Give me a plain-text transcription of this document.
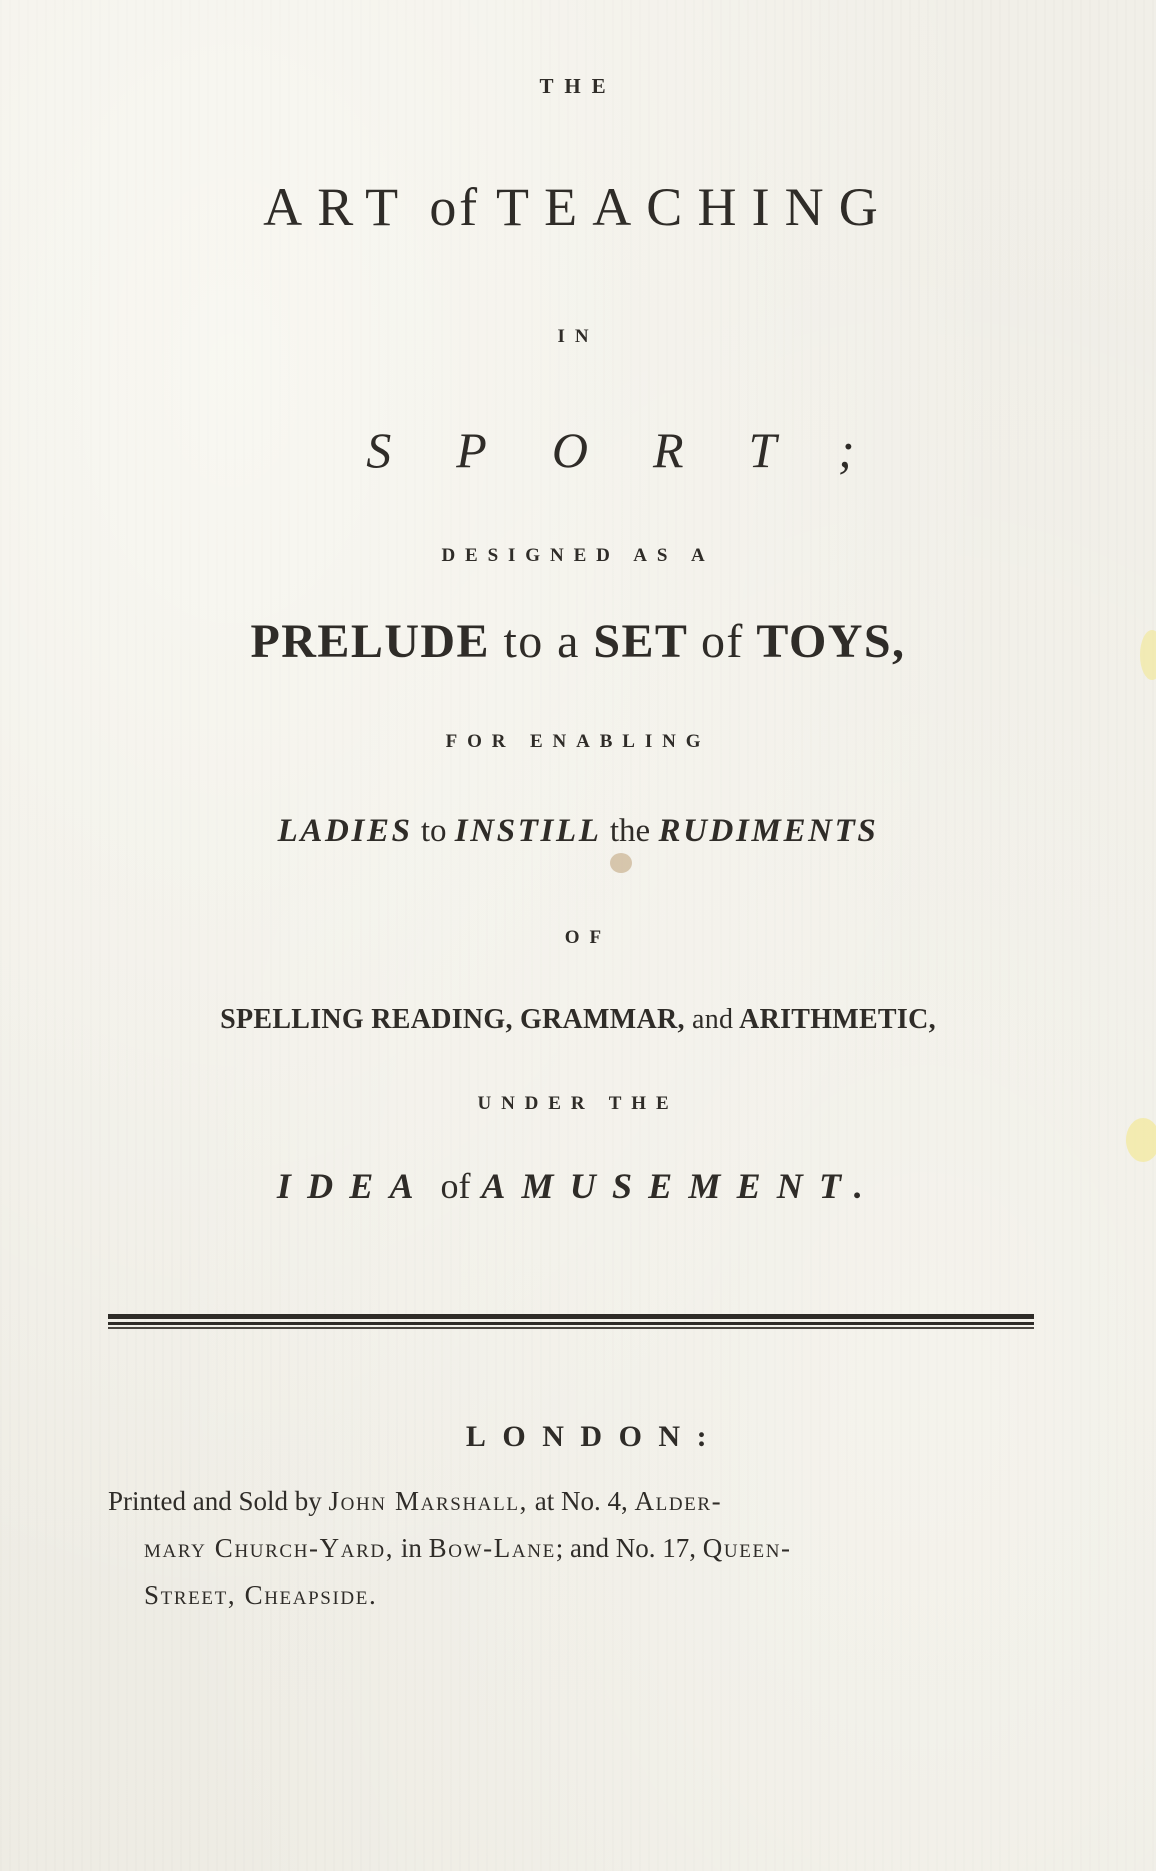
THE
ART of TEACHING
IN
SPORT;
DESIGNED AS A
PRELUDE to a SET of TOYS,
FOR ENABLING
LADIES to INSTILL the RUDIMENTS
OF
SPELLING READING, GRAMMAR, and ARITHMETIC,
UNDER THE
IDEA of AMUSEMENT.
LONDON:
Printed and Sold by John Marshall, at No. 4, Alder-
mary Church-Yard, in Bow-Lane; and No. 17, Queen-
Street, Cheapside.
